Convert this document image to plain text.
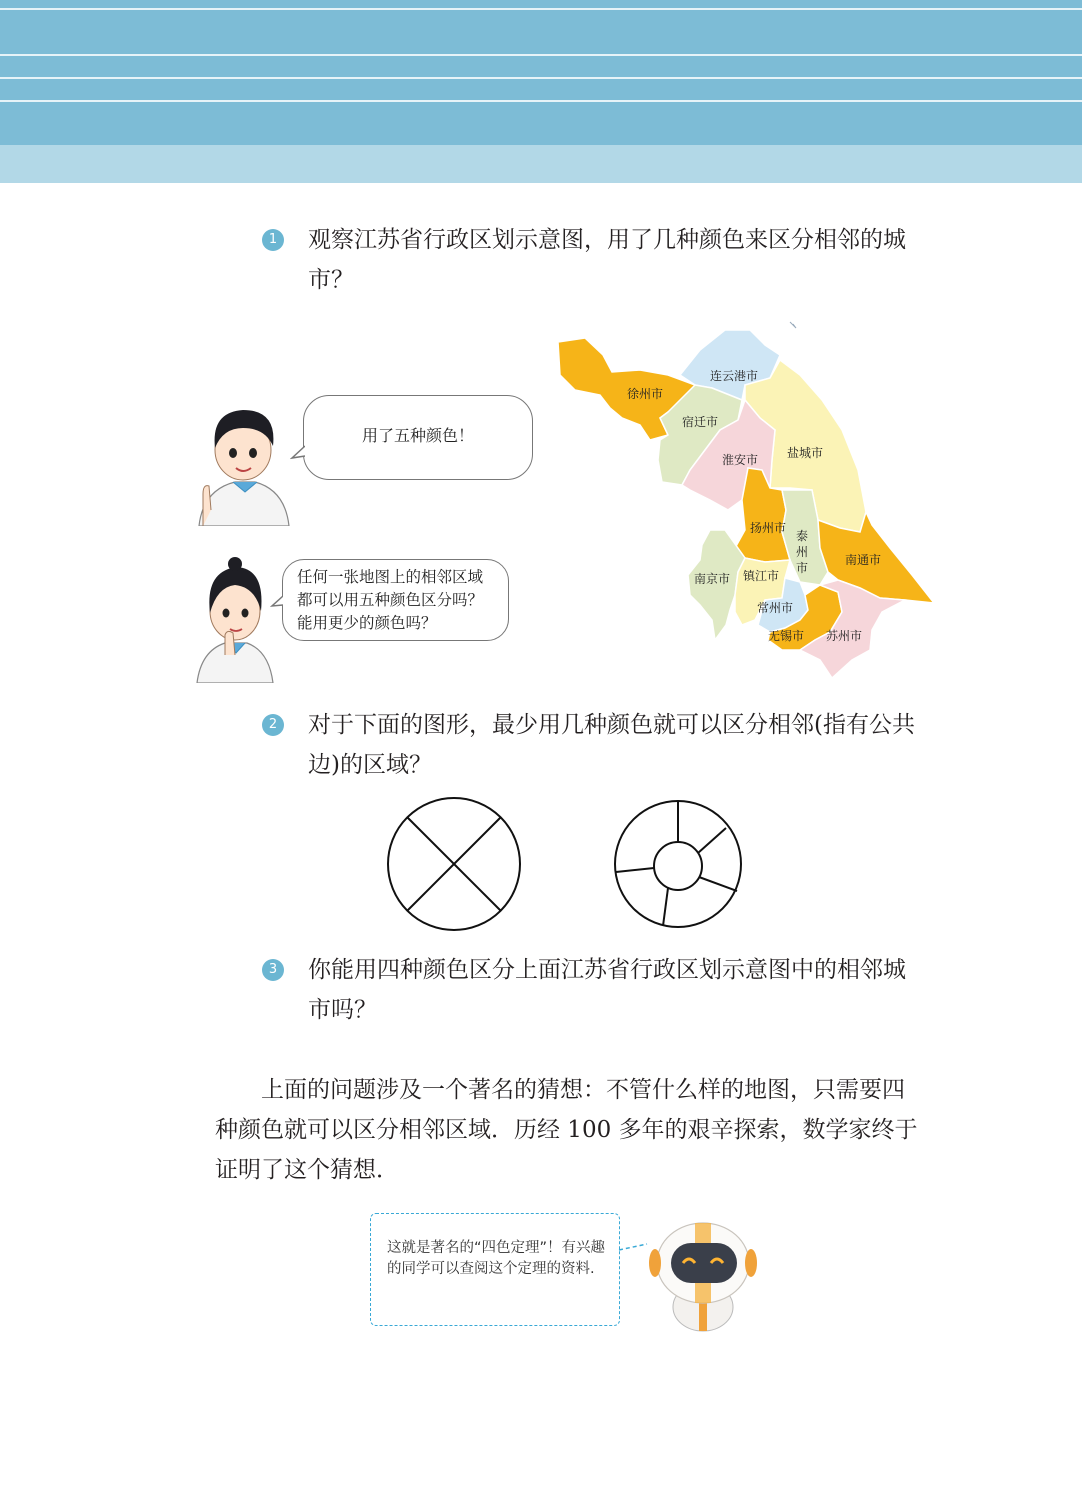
1 观察江苏省行政区划示意图，用了几种颜色来区分相邻的城市？
用了五种颜色！
任何一张地图上的相邻区域都可以用五种颜色区分吗？能用更少的颜色吗？
连云港市
徐州市
宿迁市
淮安市 盐城市
扬州市
泰
州
市
南通市
南京市 镇江市
常州市
无锡市 苏州市
2 对于下面的图形，最少用几种颜色就可以区分相邻(指有公共边)的区域？
3 你能用四种颜色区分上面江苏省行政区划示意图中的相邻城市吗？
上面的问题涉及一个著名的猜想：不管什么样的地图，只需要四种颜色就可以区分相邻区域．历经 100 多年的艰辛探索，数学家终于证明了这个猜想．
这就是著名的“四色定理”！有兴趣的同学可以查阅这个定理的资料.
